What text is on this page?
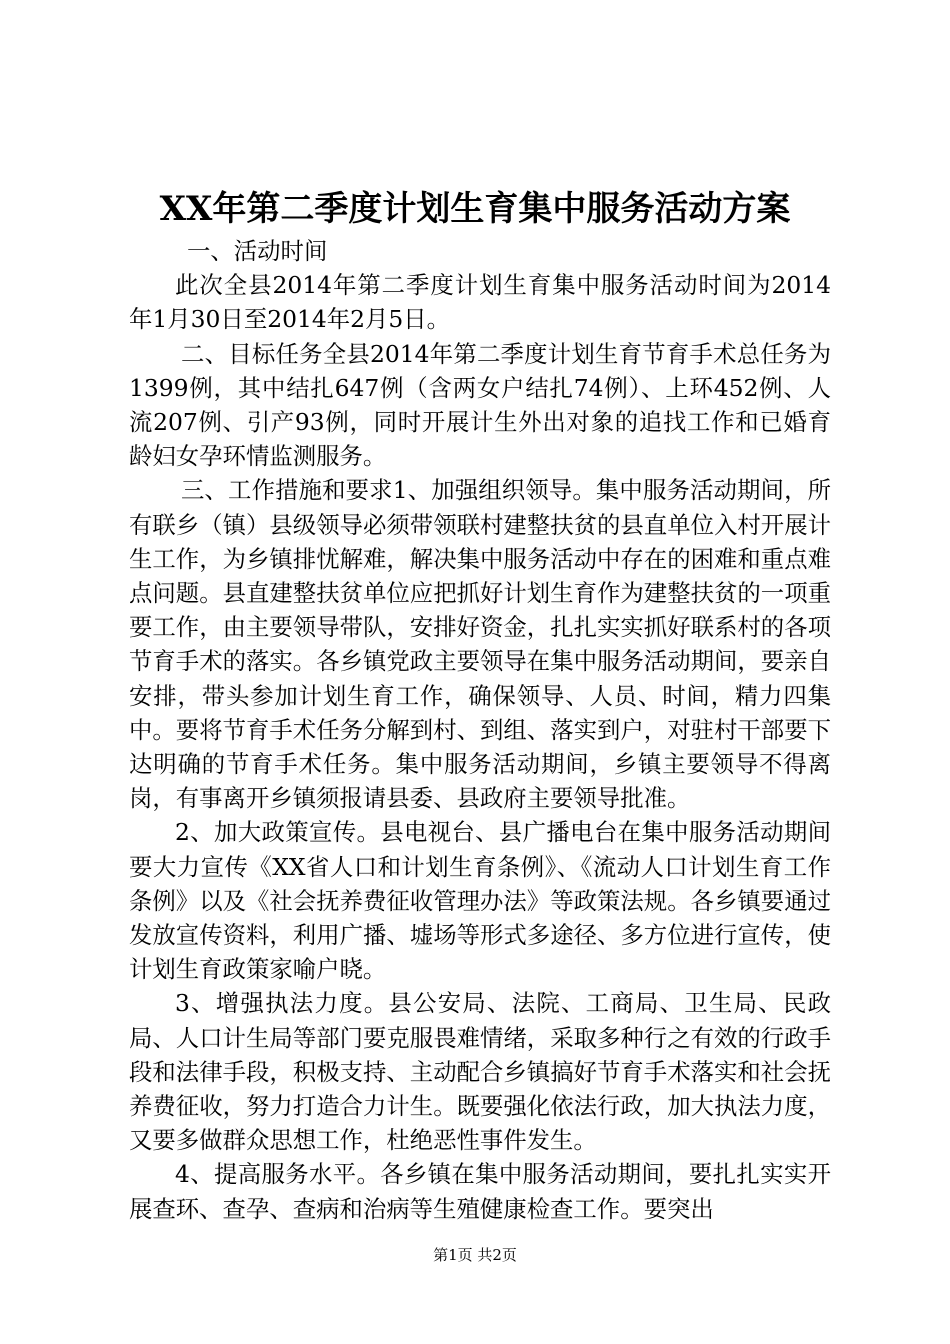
XX年第二季度计划生育集中服务活动方案

一、活动时间

此次全县2014年第二季度计划生育集中服务活动时间为2014年1月30日至2014年2月5日。

二、目标任务全县2014年第二季度计划生育节育手术总任务为1399例，其中结扎647例（含两女户结扎74例）、上环452例、人流207例、引产93例，同时开展计生外出对象的追找工作和已婚育龄妇女孕环情监测服务。

三、工作措施和要求1、加强组织领导。集中服务活动期间，所有联乡（镇）县级领导必须带领联村建整扶贫的县直单位入村开展计生工作，为乡镇排忧解难，解决集中服务活动中存在的困难和重点难点问题。县直建整扶贫单位应把抓好计划生育作为建整扶贫的一项重要工作，由主要领导带队，安排好资金，扎扎实实抓好联系村的各项节育手术的落实。各乡镇党政主要领导在集中服务活动期间，要亲自安排，带头参加计划生育工作，确保领导、人员、时间，精力四集中。要将节育手术任务分解到村、到组、落实到户，对驻村干部要下达明确的节育手术任务。集中服务活动期间，乡镇主要领导不得离岗，有事离开乡镇须报请县委、县政府主要领导批准。

2、加大政策宣传。县电视台、县广播电台在集中服务活动期间要大力宣传《XX省人口和计划生育条例》、《流动人口计划生育工作条例》以及《社会抚养费征收管理办法》等政策法规。各乡镇要通过发放宣传资料，利用广播、墟场等形式多途径、多方位进行宣传，使计划生育政策家喻户晓。

3、增强执法力度。县公安局、法院、工商局、卫生局、民政局、人口计生局等部门要克服畏难情绪，采取多种行之有效的行政手段和法律手段，积极支持、主动配合乡镇搞好节育手术落实和社会抚养费征收，努力打造合力计生。既要强化依法行政，加大执法力度，又要多做群众思想工作，杜绝恶性事件发生。

4、提高服务水平。各乡镇在集中服务活动期间，要扎扎实实开展查环、查孕、查病和治病等生殖健康检查工作。要突出

第1页 共2页
